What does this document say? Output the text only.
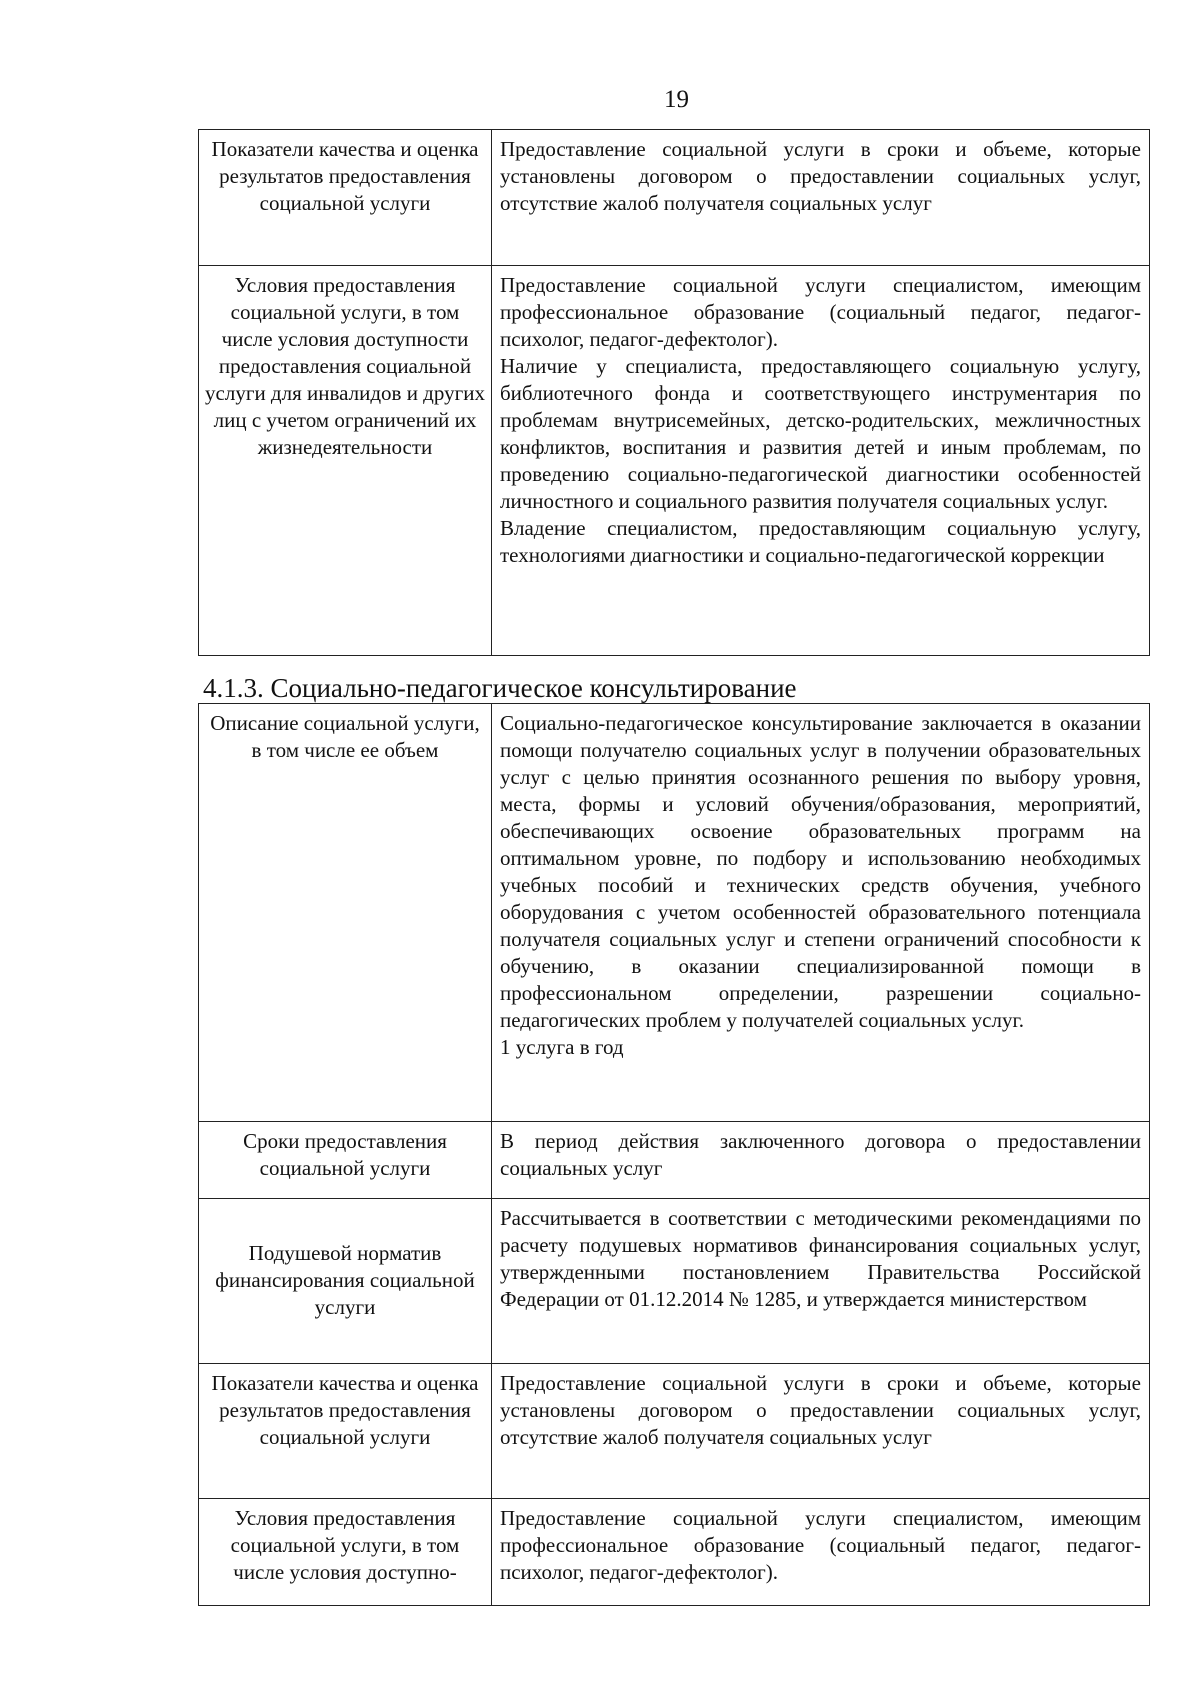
19
Показатели качества и оценка результатов предоставления социальной услуги	Предоставление социальной услуги в сроки и объеме, которые установлены договором о предоставлении социальных услуг, отсутствие жалоб получателя социальных услуг

Условия предоставления социальной услуги, в том числе условия доступности предоставления социальной услуги для инвалидов и других лиц с учетом ограничений их жизнедеятельности	Предоставление социальной услуги специалистом, имеющим профессиональное образование (социальный педагог, педагог-психолог, педагог-дефектолог).
Наличие у специалиста, предоставляющего социальную услугу, библиотечного фонда и соответствующего инструментария по проблемам внутрисемейных, детско-родительских, межличностных конфликтов, воспитания и развития детей и иным проблемам, по проведению социально-педагогической диагностики особенностей личностного и социального развития получателя социальных услуг.
Владение специалистом, предоставляющим социальную услугу, технологиями диагностики и социально-педагогической коррекции
4.1.3. Социально-педагогическое консультирование
Описание социальной услуги, в том числе ее объем	Социально-педагогическое консультирование заключается в оказании помощи получателю социальных услуг в получении образовательных услуг с целью принятия осознанного решения по выбору уровня, места, формы и условий обучения/образования, мероприятий, обеспечивающих освоение образовательных программ на оптимальном уровне, по подбору и использованию необходимых учебных пособий и технических средств обучения, учебного оборудования с учетом особенностей образовательного потенциала получателя социальных услуг и степени ограничений способности к обучению, в оказании специализированной помощи в профессиональном определении, разрешении социально-педагогических проблем у получателей социальных услуг.
1 услуга в год

Сроки предоставления социальной услуги	В период действия заключенного договора о предоставлении социальных услуг

Подушевой норматив финансирования социальной услуги	Рассчитывается в соответствии с методическими рекомендациями по расчету подушевых нормативов финансирования социальных услуг, утвержденными постановлением Правительства Российской Федерации от 01.12.2014 № 1285, и утверждается министерством

Показатели качества и оценка результатов предоставления социальной услуги	Предоставление социальной услуги в сроки и объеме, которые установлены договором о предоставлении социальных услуг, отсутствие жалоб получателя социальных услуг

Условия предоставления социальной услуги, в том числе условия доступно-	Предоставление социальной услуги специалистом, имеющим профессиональное образование (социальный педагог, педагог-психолог, педагог-дефектолог).
